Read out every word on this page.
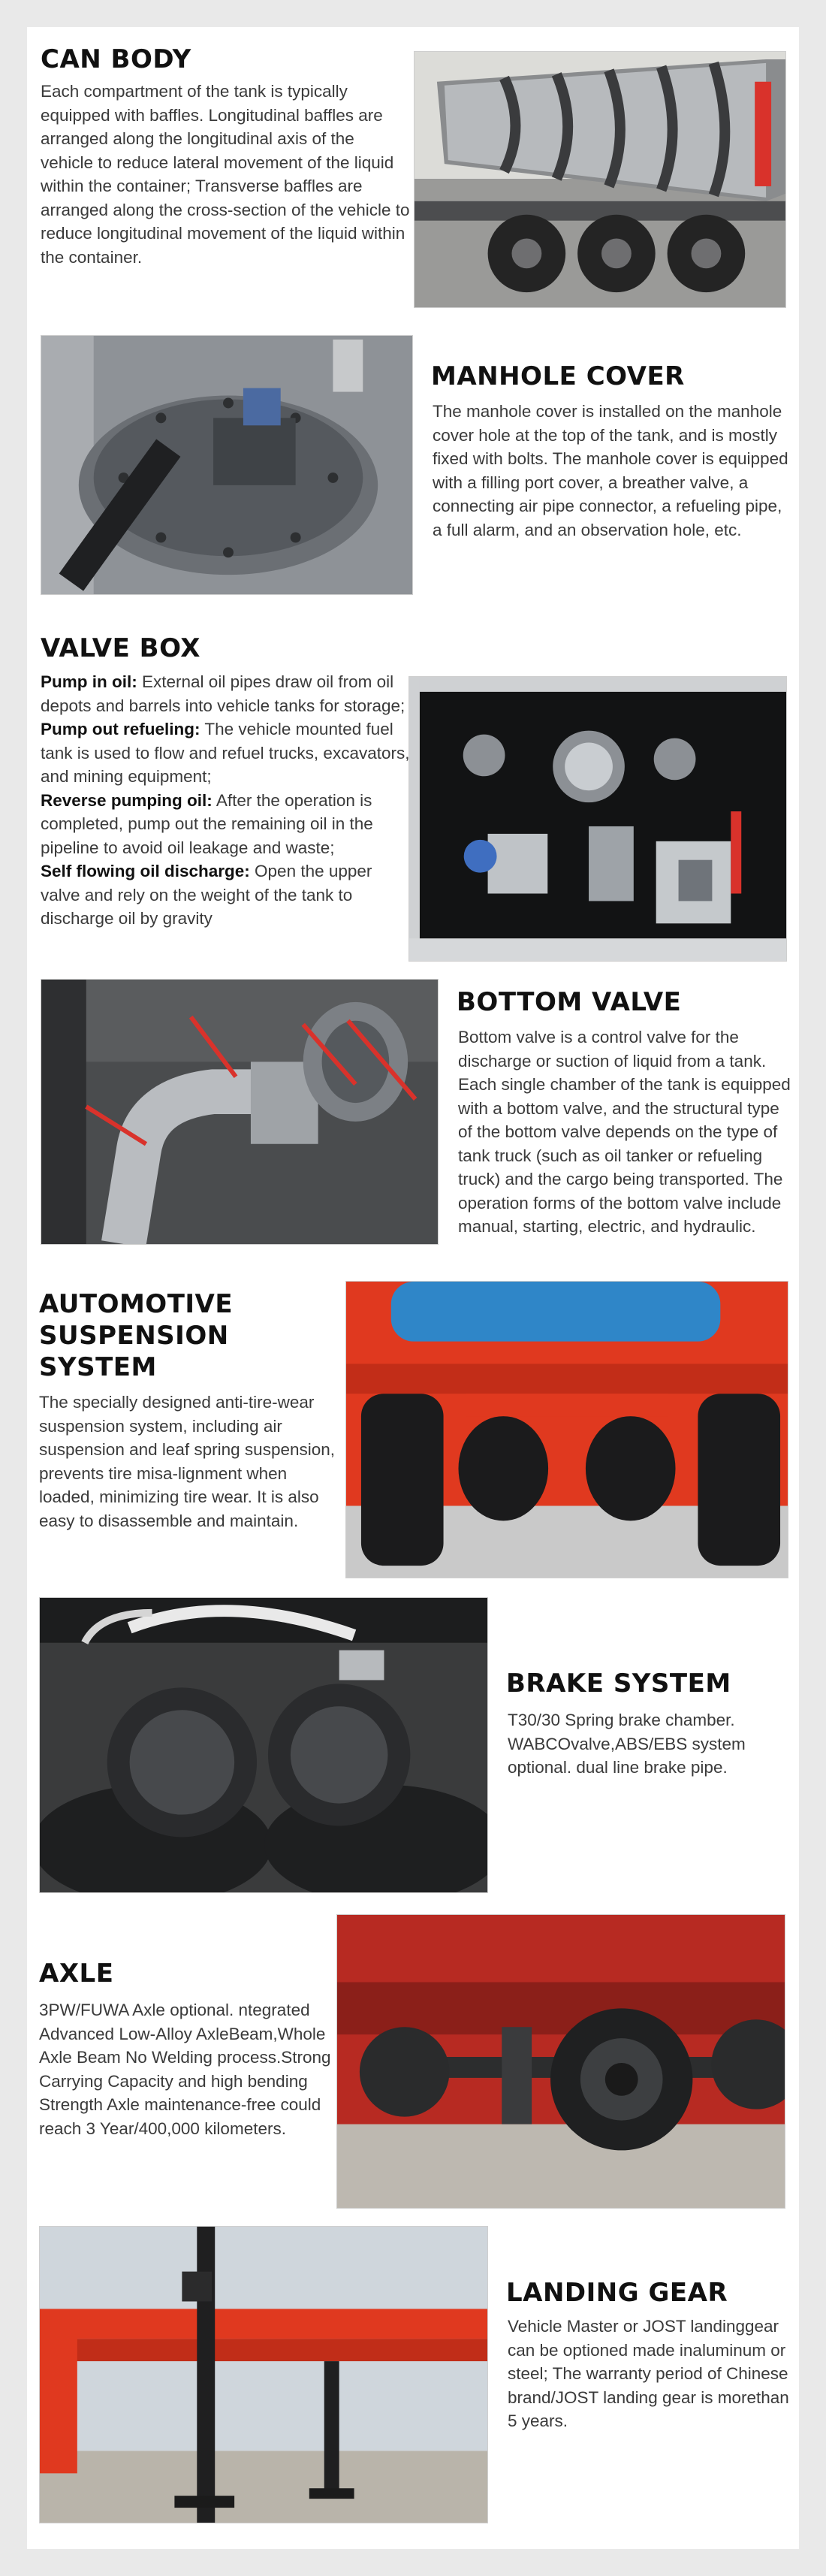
CAN BODY

Each compartment of the tank is typically equipped with baffles. Longitudinal baffles are arranged along the longitudinal axis of the vehicle to reduce lateral movement of the liquid within the container; Transverse baffles are arranged along the cross-section of the vehicle to reduce longitudinal movement of the liquid within the container.

MANHOLE COVER

The manhole cover is installed on the manhole cover hole at the top of the tank, and is mostly fixed with bolts. The manhole cover is equipped with a filling port cover, a breather valve, a connecting air pipe connector, a refueling pipe, a full alarm, and an observation hole, etc.

VALVE BOX

Pump in oil: External oil pipes draw oil from oil depots and barrels into vehicle tanks for storage;

Pump out refueling: The vehicle mounted fuel tank is used to flow and refuel trucks, excavators, and mining equipment;

Reverse pumping oil: After the operation is completed, pump out the remaining oil in the pipeline to avoid oil leakage and waste;

Self flowing oil discharge: Open the upper valve and rely on the weight of the tank to discharge oil by gravity

BOTTOM VALVE

Bottom valve is a control valve for the discharge or suction of liquid from a tank. Each single chamber of the tank is equipped with a bottom valve, and the structural type of the bottom valve depends on the type of tank truck (such as oil tanker or refueling truck) and the cargo being transported. The operation forms of the bottom valve include manual, starting, electric, and hydraulic.

AUTOMOTIVE
SUSPENSION
SYSTEM

The specially designed anti-tire-wear suspension system, including air suspension and leaf spring suspension, prevents tire misa-lignment when loaded, minimizing tire wear. It is also easy to disassemble and maintain.

BRAKE SYSTEM

T30/30 Spring brake chamber. WABCOvalve,ABS/EBS system optional. dual line brake pipe.

AXLE

3PW/FUWA Axle optional. ntegrated Advanced Low-Alloy AxleBeam,Whole Axle Beam No Welding process.Strong Carrying Capacity and high bending Strength Axle maintenance-free could reach 3 Year/400,000 kilometers.

LANDING GEAR

Vehicle Master or JOST landinggear can be optioned made inaluminum or steel; The warranty period of Chinese brand/JOST landing gear is morethan 5 years.
